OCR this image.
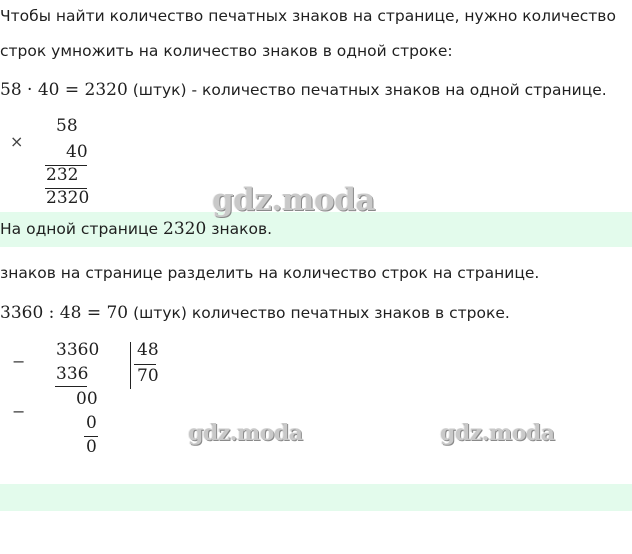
Чтобы найти количество печатных знаков на странице, нужно количество
строк умножить на количество знаков в одной строке:
58 · 40 = 2320 (штук) - количество печатных знаков на одной странице.
×
58
40
232
2320
На одной странице 2320 знаков.
gdz.moda
знаков на странице разделить на количество строк на странице.
3360 : 48 = 70 (штук) количество печатных знаков в строке.
−
3360 48
70
336
00
−
0
0
gdz.moda	gdz.moda
